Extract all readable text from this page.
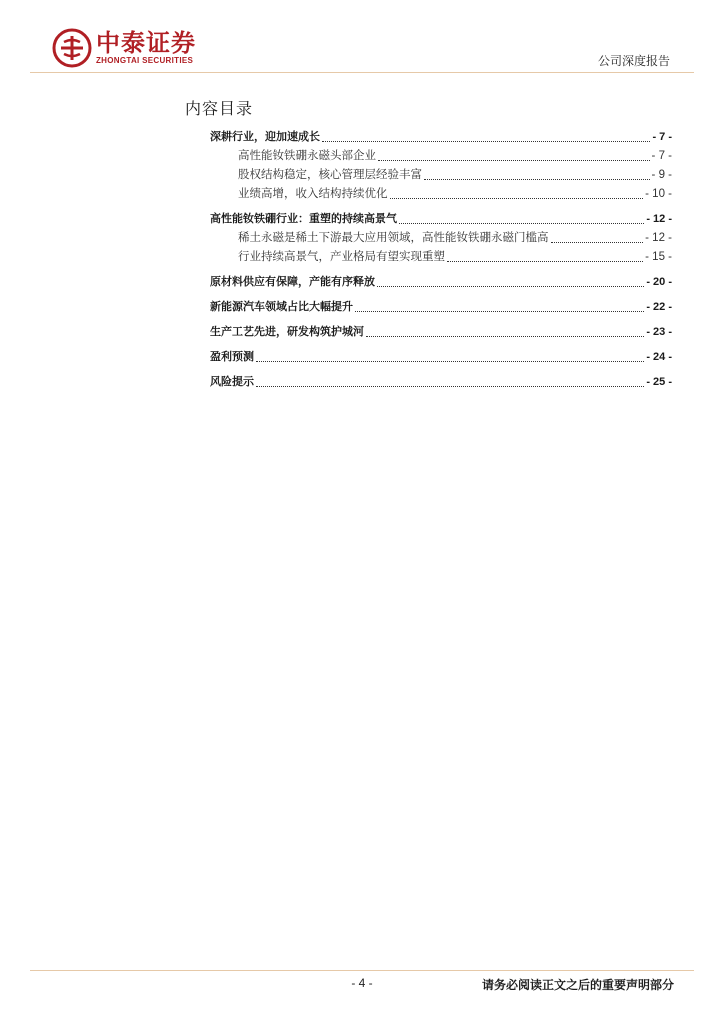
中泰证券
ZHONGTAI SECURITIES	公司深度报告
内容目录
深耕行业，迎加速成长	- 7 -
高性能钕铁硼永磁头部企业	- 7 -
股权结构稳定，核心管理层经验丰富	- 9 -
业绩高增，收入结构持续优化	- 10 -
高性能钕铁硼行业：重塑的持续高景气	- 12 -
稀土永磁是稀土下游最大应用领域，高性能钕铁硼永磁门槛高	- 12 -
行业持续高景气，产业格局有望实现重塑	- 15 -
原材料供应有保障，产能有序释放	- 20 -
新能源汽车领域占比大幅提升	- 22 -
生产工艺先进，研发构筑护城河	- 23 -
盈利预测	- 24 -
风险提示	- 25 -
- 4 -	请务必阅读正文之后的重要声明部分
